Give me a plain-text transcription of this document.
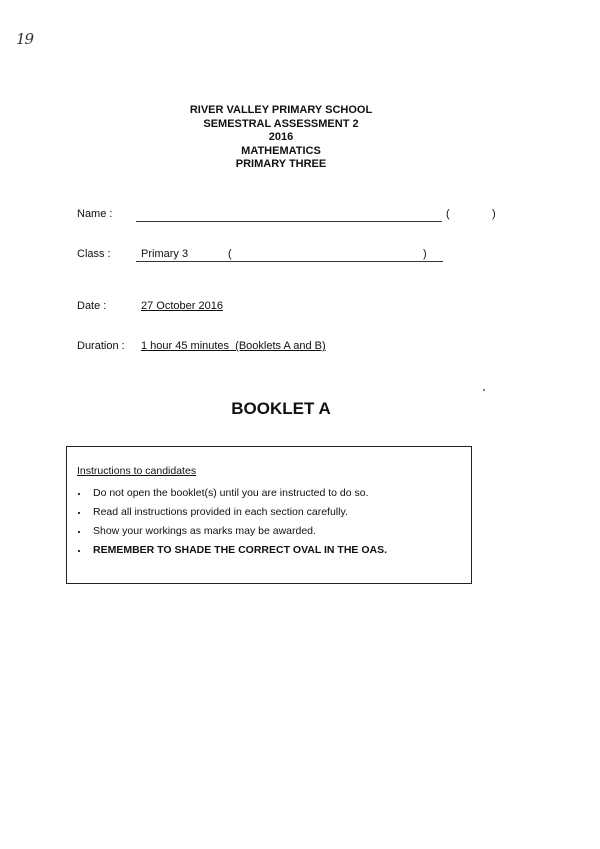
19
RIVER VALLEY PRIMARY SCHOOL
SEMESTRAL ASSESSMENT 2
2016
MATHEMATICS
PRIMARY THREE
Name :	(	)
Class :	Primary 3	(	)
Date :	27 October 2016
Duration : 1 hour 45 minutes  (Booklets A and B)
BOOKLET A
Instructions to candidates
Do not open the booklet(s) until you are instructed to do so.
Read all instructions provided in each section carefully.
Show your workings as marks may be awarded.
REMEMBER TO SHADE THE CORRECT OVAL IN THE OAS.
